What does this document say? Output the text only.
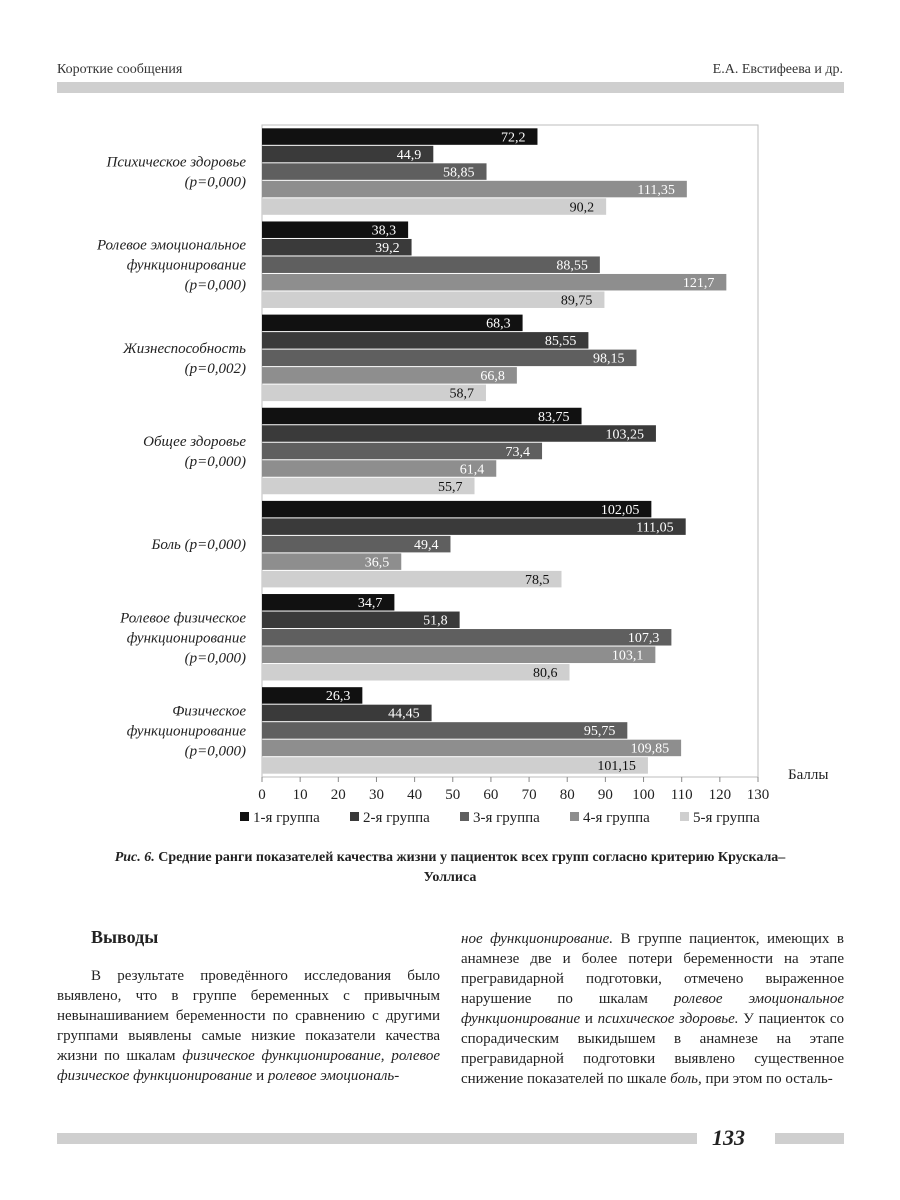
Короткие сообщения	Е.А. Евстифеева и др.
72,2
44,9
58,85
111,35
90,2
Психическое здоровье
(p=0,000)
38,3
39,2
88,55
121,7
89,75
Ролевое эмоциональное
функционирование
(p=0,000)
68,3
85,55
98,15
66,8
58,7
Жизнеспособность
(p=0,002)
83,75
103,25
73,4
61,4
55,7
Общее здоровье
(p=0,000)
102,05
111,05
49,4
36,5
78,5
Боль (p=0,000)
34,7
51,8
107,3
103,1
80,6
Ролевое физическое
функционирование
(p=0,000)
26,3
44,45
95,75
109,85
101,15
Физическое
функционирование
(p=0,000)
0 10 20 30 40 50 60 70 80 90 100 110 120 130
Баллы
1-я группа	2-я группа	3-я группа	4-я группа	5-я группа
Рис. 6. Средние ранги показателей качества жизни у пациенток всех групп согласно критерию Крускала–Уоллиса
Выводы

В результате проведённого исследования было выявлено, что в группе беременных с привычным невынашиванием беременности по сравнению с другими группами выявлены самые низкие показатели качества жизни по шкалам физическое функционирование, ролевое физическое функционирование и ролевое эмоциональ-

ное функционирование. В группе пациенток, имеющих в анамнезе две и более потери беременности на этапе прегравидарной подготовки, отмечено выраженное нарушение по шкалам ролевое эмоциональное функционирование и психическое здоровье. У пациенток со спорадическим выкидышем в анамнезе на этапе прегравидарной подготовки выявлено существенное снижение показателей по шкале боль, при этом по осталь-

133
